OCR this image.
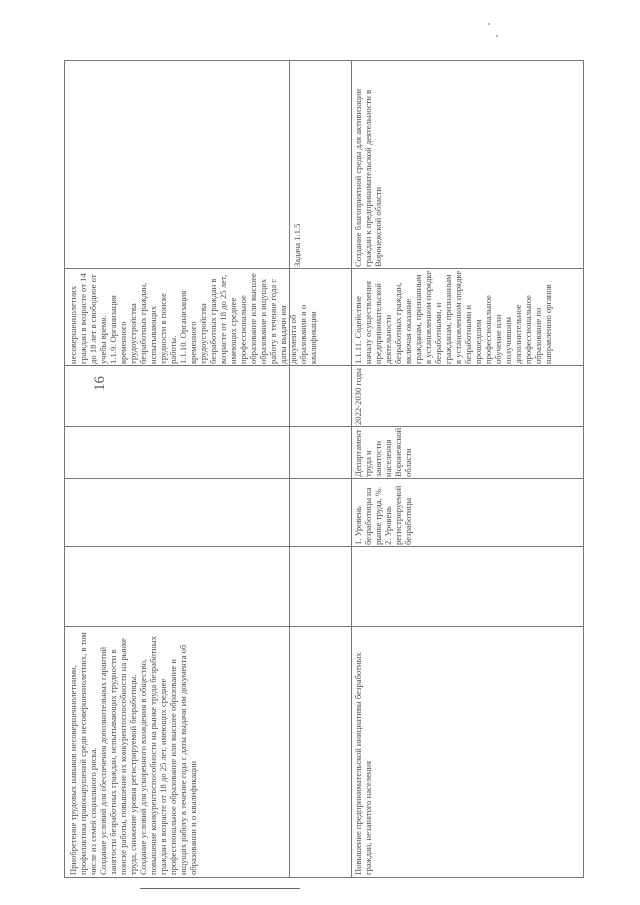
16
несовершеннолетних граждан в возрасте от 14 до 18 лет в свободное от учебы время.
1.1.9. Организация временного трудоустройства безработных граждан, испытывающих трудности в поиске работы.
1.1.10. Организация временного трудоустройства безработных граждан в возрасте от 18 до 25 лет, имеющих среднее профессиональное образование или высшее образование и ищущих работу в течение года с даты выдачи им документа об образовании и о квалификации
Приобретение трудовых навыков несовершеннолетними, профилактика правонарушений среди несовершеннолетних, в том числе из семей социального риска.
Создание условий для обеспечения дополнительных гарантий занятости безработных граждан, испытывающих трудности в поиске работы, повышение их конкурентоспособности на рынке труда, снижение уровня регистрируемой безработицы.
Создание условий для ускоренного вхождения в общество, повышение конкурентоспособности на рынке труда безработных граждан в возрасте от 18 до 25 лет, имеющих среднее профессиональное образование или высшее образование и ищущих работу в течение года с даты выдачи им документа об образовании и о квалификации
Задача 1.1.5	Создание благоприятной среды для активизации граждан к предпринимательской деятельности в Воронежской области
1.1.11. Содействие началу осуществления предпринимательской деятельности безработных граждан, включая оказание гражданам, признанным в установленном порядке безработными, и гражданам, признанным в установленном порядке безработными и прошедшим профессиональное обучение или получившим дополнительное профессиональное образование по направлению органов
2022-2030 годы
Департамент труда и занятости населения Воронежской области
1. Уровень безработицы на рынке труда, %.
2. Уровень регистрируемой безработицы
Повышение предпринимательской инициативы безработных граждан, незанятого населения
